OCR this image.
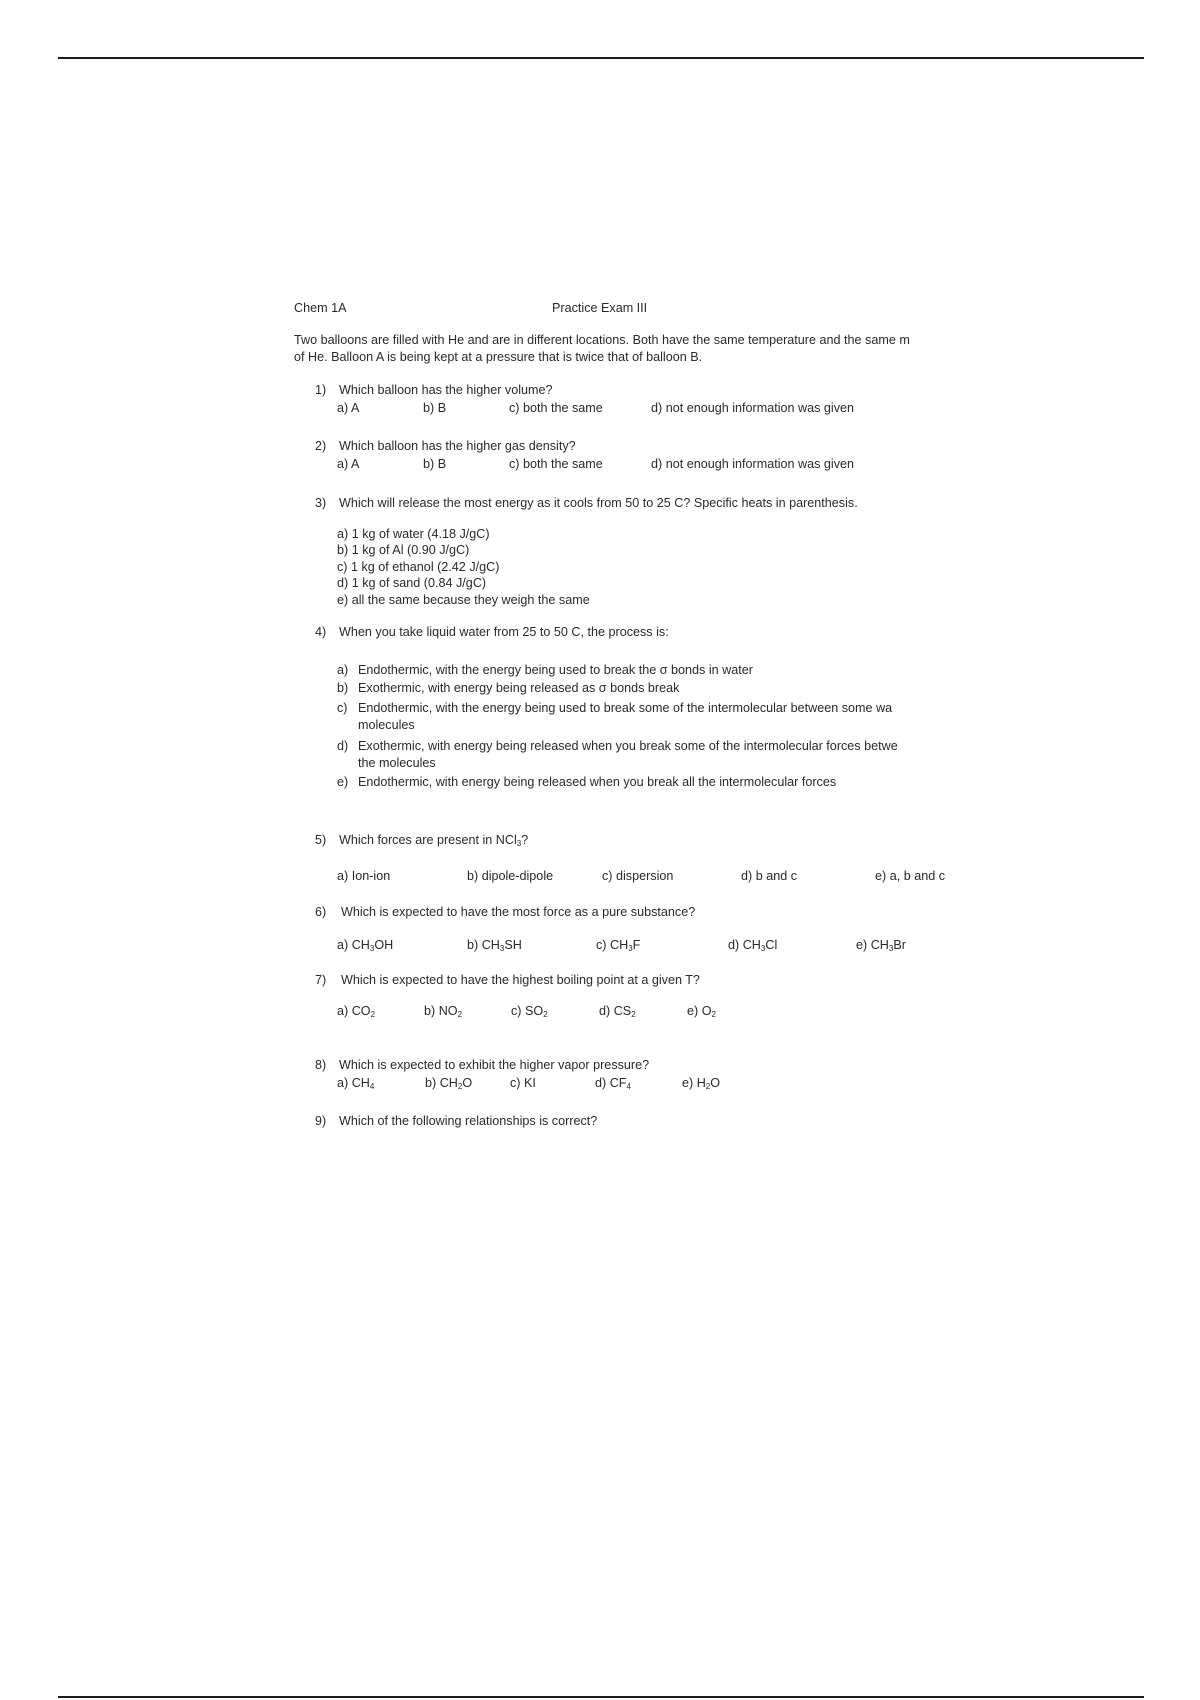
Chem 1A	Practice Exam III
Two balloons are filled with He and are in different locations. Both have the same temperature and the same m
of He. Balloon A is being kept at a pressure that is twice that of balloon B.
1) Which balloon has the higher volume?
a) A	b) B	c) both the same	d) not enough information was given
2) Which balloon has the higher gas density?
a) A	b) B	c) both the same	d) not enough information was given
3) Which will release the most energy as it cools from 50 to 25 C? Specific heats in parenthesis.
a) 1 kg of water (4.18 J/gC)
b) 1 kg of Al (0.90 J/gC)
c) 1 kg of ethanol (2.42 J/gC)
d) 1 kg of sand (0.84 J/gC)
e) all the same because they weigh the same
4) When you take liquid water from 25 to 50 C, the process is:
a) Endothermic, with the energy being used to break the σ bonds in water
b) Exothermic, with energy being released as σ bonds break
c) Endothermic, with the energy being used to break some of the intermolecular between some wa
molecules
d) Exothermic, with energy being released when you break some of the intermolecular forces betwe
the molecules
e) Endothermic, with energy being released when you break all the intermolecular forces
5) Which forces are present in NCl$_3$?
a) Ion-ion	b) dipole-dipole	c) dispersion	d) b and c	e) a, b and c
6) Which is expected to have the most force as a pure substance?
a) $CH_3OH$	b) $CH_3SH$	c) $CH_3F$	d) $CH_3Cl$	e) $CH_3Br$
7) Which is expected to have the highest boiling point at a given T?
a) $CO_2$	b) $NO_2$	c) $SO_2$	d) $CS_2$	e) $O_2$
8) Which is expected to exhibit the higher vapor pressure?
a) $CH_4$	b) $CH_2O$	c) KI	d) $CF_4$	e) $H_2O$
9) Which of the following relationships is correct?
